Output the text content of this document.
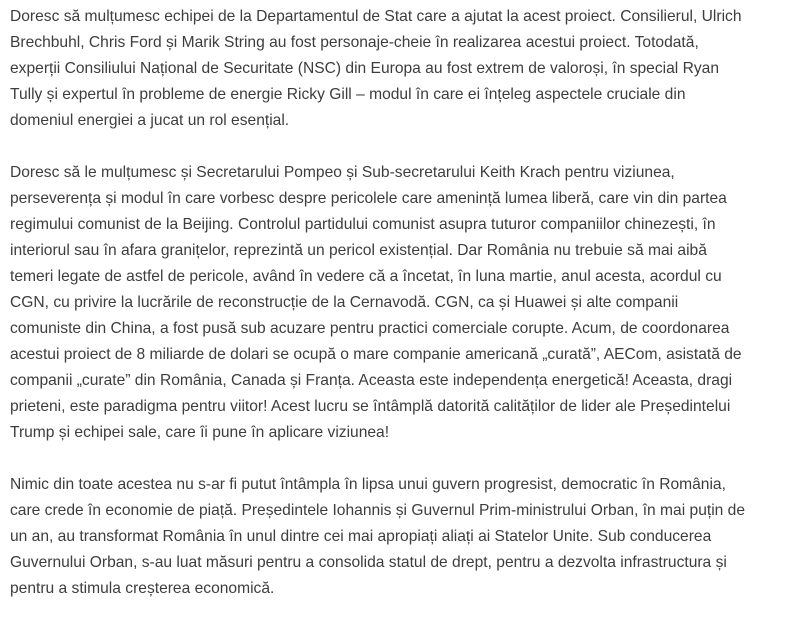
Doresc să mulțumesc echipei de la Departamentul de Stat care a ajutat la acest proiect. Consilierul, Ulrich
Brechbuhl, Chris Ford și Marik String au fost personaje-cheie în realizarea acestui proiect. Totodată,
experții Consiliului Național de Securitate (NSC) din Europa au fost extrem de valoroși, în special Ryan
Tully și expertul în probleme de energie Ricky Gill – modul în care ei înțeleg aspectele cruciale din
domeniul energiei a jucat un rol esențial.

Doresc să le mulțumesc și Secretarului Pompeo și Sub-secretarului Keith Krach pentru viziunea,
perseverența și modul în care vorbesc despre pericolele care amenință lumea liberă, care vin din partea
regimului comunist de la Beijing. Controlul partidului comunist asupra tuturor companiilor chinezești, în
interiorul sau în afara granițelor, reprezintă un pericol existențial. Dar România nu trebuie să mai aibă
temeri legate de astfel de pericole, având în vedere că a încetat, în luna martie, anul acesta, acordul cu
CGN, cu privire la lucrările de reconstrucție de la Cernavodă. CGN, ca și Huawei și alte companii
comuniste din China, a fost pusă sub acuzare pentru practici comerciale corupte. Acum, de coordonarea
acestui proiect de 8 miliarde de dolari se ocupă o mare companie americană „curată”, AECom, asistată de
companii „curate” din România, Canada și Franța. Aceasta este independența energetică! Aceasta, dragi
prieteni, este paradigma pentru viitor! Acest lucru se întâmplă datorită calităților de lider ale Președintelui
Trump și echipei sale, care îi pune în aplicare viziunea!

Nimic din toate acestea nu s-ar fi putut întâmpla în lipsa unui guvern progresist, democratic în România,
care crede în economie de piață. Președintele Iohannis și Guvernul Prim-ministrului Orban, în mai puțin de
un an, au transformat România în unul dintre cei mai apropiați aliați ai Statelor Unite. Sub conducerea
Guvernului Orban, s-au luat măsuri pentru a consolida statul de drept, pentru a dezvolta infrastructura și
pentru a stimula creșterea economică.
